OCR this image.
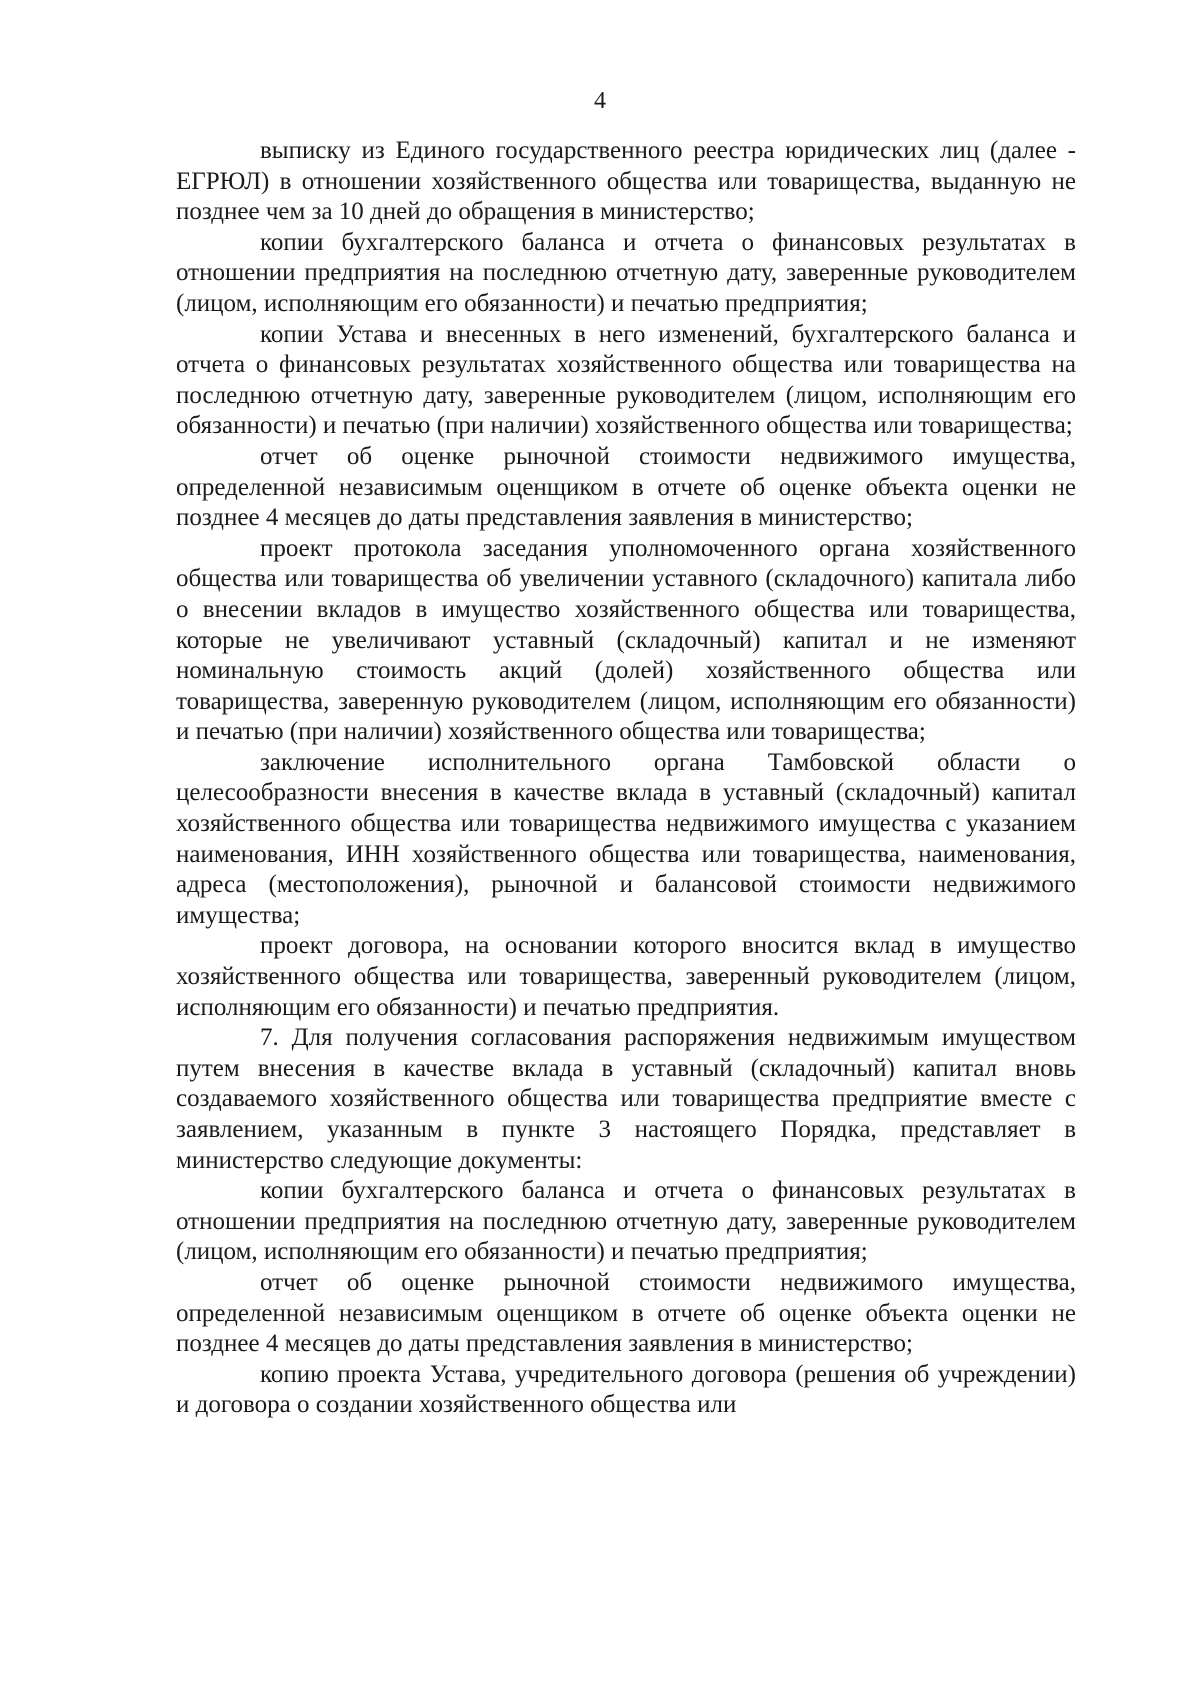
4

выписку из Единого государственного реестра юридических лиц (далее - ЕГРЮЛ) в отношении хозяйственного общества или товарищества, выданную не позднее чем за 10 дней до обращения в министерство;

копии бухгалтерского баланса и отчета о финансовых результатах в отношении предприятия на последнюю отчетную дату, заверенные руководителем (лицом, исполняющим его обязанности) и печатью предприятия;

копии Устава и внесенных в него изменений, бухгалтерского баланса и отчета о финансовых результатах хозяйственного общества или товарищества на последнюю отчетную дату, заверенные руководителем (лицом, исполняющим его обязанности) и печатью (при наличии) хозяйственного общества или товарищества;

отчет об оценке рыночной стоимости недвижимого имущества, определенной независимым оценщиком в отчете об оценке объекта оценки не позднее 4 месяцев до даты представления заявления в министерство;

проект протокола заседания уполномоченного органа хозяйственного общества или товарищества об увеличении уставного (складочного) капитала либо о внесении вкладов в имущество хозяйственного общества или товарищества, которые не увеличивают уставный (складочный) капитал и не изменяют номинальную стоимость акций (долей) хозяйственного общества или товарищества, заверенную руководителем (лицом, исполняющим его обязанности) и печатью (при наличии) хозяйственного общества или товарищества;

заключение исполнительного органа Тамбовской области о целесообразности внесения в качестве вклада в уставный (складочный) капитал хозяйственного общества или товарищества недвижимого имущества с указанием наименования, ИНН хозяйственного общества или товарищества, наименования, адреса (местоположения), рыночной и балансовой стоимости недвижимого имущества;

проект договора, на основании которого вносится вклад в имущество хозяйственного общества или товарищества, заверенный руководителем (лицом, исполняющим его обязанности) и печатью предприятия.

7. Для получения согласования распоряжения недвижимым имуществом путем внесения в качестве вклада в уставный (складочный) капитал вновь создаваемого хозяйственного общества или товарищества предприятие вместе с заявлением, указанным в пункте 3 настоящего Порядка, представляет в министерство следующие документы:

копии бухгалтерского баланса и отчета о финансовых результатах в отношении предприятия на последнюю отчетную дату, заверенные руководителем (лицом, исполняющим его обязанности) и печатью предприятия;

отчет об оценке рыночной стоимости недвижимого имущества, определенной независимым оценщиком в отчете об оценке объекта оценки не позднее 4 месяцев до даты представления заявления в министерство;

копию проекта Устава, учредительного договора (решения об учреждении) и договора о создании хозяйственного общества или
